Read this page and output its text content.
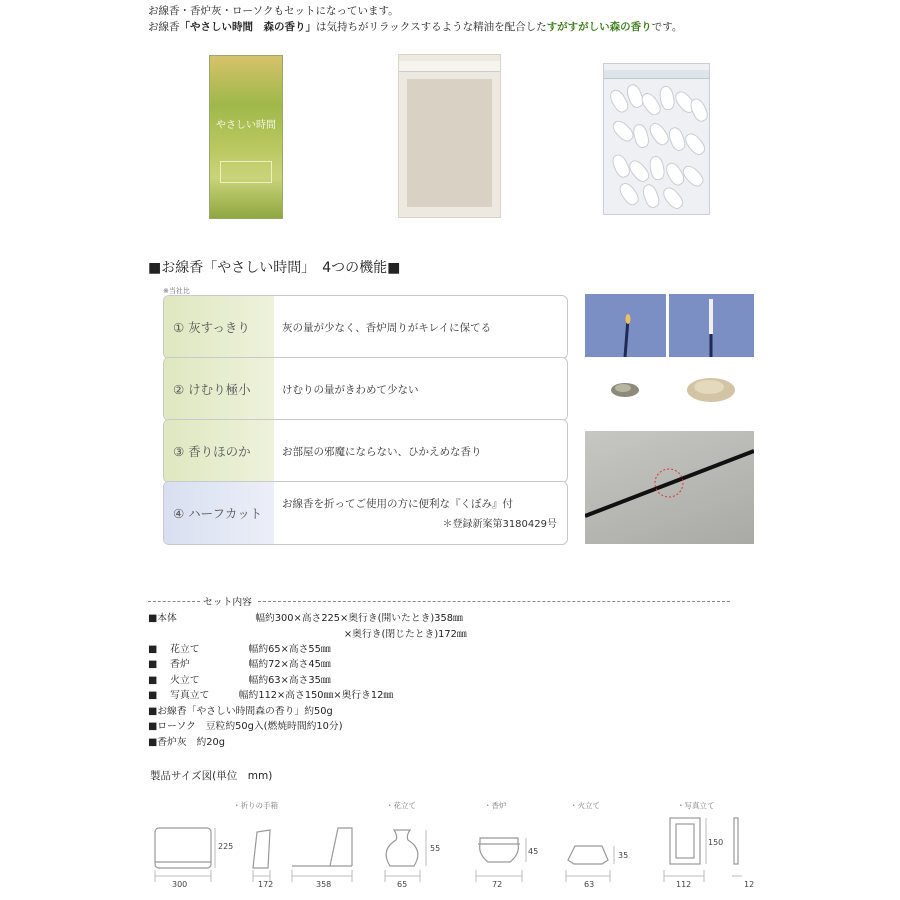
お線香・香炉灰・ローソクもセットになっています。
お線香「やさしい時間　森の香り」は気持ちがリラックスするような精油を配合したすがすがしい森の香りです。
やさしい時間
■お線香「やさしい時間」　4つの機能■
※当社比
① 灰すっきり	灰の量が少なく、香炉周りがキレイに保てる
② けむり極小	けむりの量がきわめて少ない
③ 香りほのか	お部屋の邪魔にならない、ひかえめな香り
④ ハーフカット
お線香を折ってご使用の方に便利な『くぼみ』付
＊登録新案第3180429号
セット内容
■本体　　　　　　　　幅約300×高さ225×奥行き(開いたとき)358㎜
　　　　　　　　　　　　　　　　　　　　×奥行き(閉じたとき)172㎜
■　 花立て　　　　　幅約65×高さ55㎜
■　 香炉　　　　　　幅約72×高さ45㎜
■　 火立て　　　　　幅約63×高さ35㎜
■　 写真立て　　　幅約112×高さ150㎜×奥行き12㎜
■お線香「やさしい時間森の香り」約50g
■ローソク　豆粒約50g入(燃焼時間約10分)
■香炉灰　約20g
製品サイズ図(単位　mm)
・祈りの手箱	・花立て	・香炉	・火立て	・写真立て
300
225
172	358	65
55
72
45
63
35
112
150
12
